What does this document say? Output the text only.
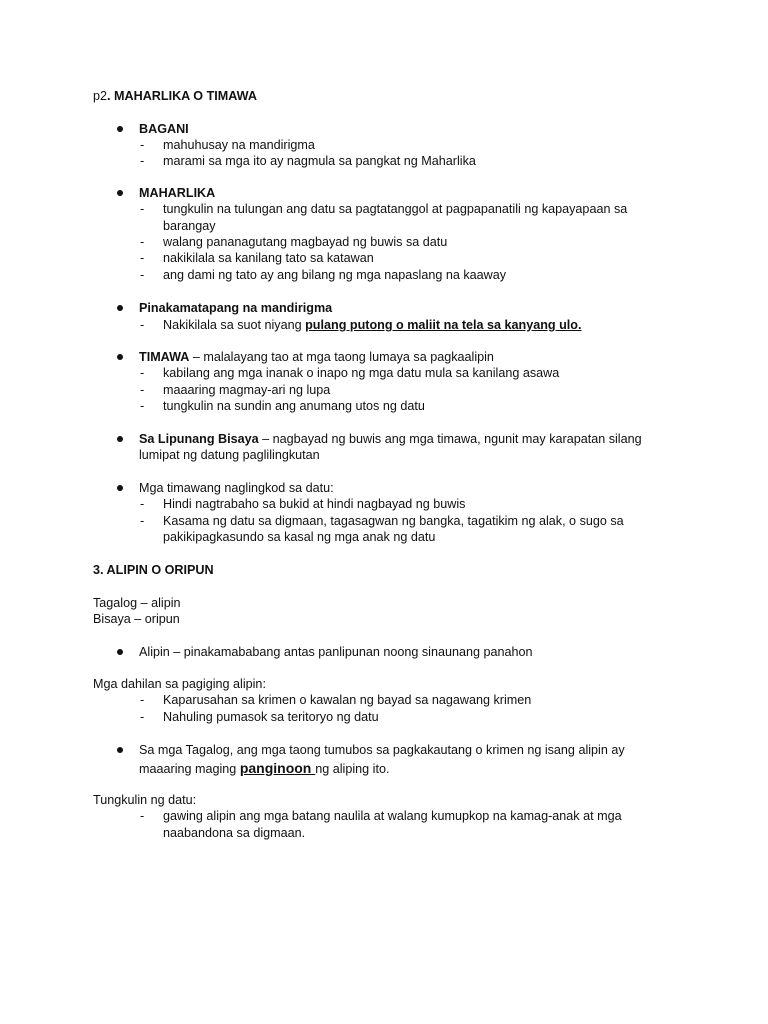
p2. MAHARLIKA O TIMAWA
BAGANI
- mahuhusay na mandirigma
- marami sa mga ito ay nagmula sa pangkat ng Maharlika
MAHARLIKA
- tungkulin na tulungan ang datu sa pagtatanggol at pagpapanatili ng kapayapaan sa
barangay
- walang pananagutang magbayad ng buwis sa datu
- nakikilala sa kanilang tato sa katawan
- ang dami ng tato ay ang bilang ng mga napaslang na kaaway
Pinakamatapang na mandirigma
- Nakikilala sa suot niyang pulang putong o maliit na tela sa kanyang ulo.
TIMAWA – malalayang tao at mga taong lumaya sa pagkaalipin
- kabilang ang mga inanak o inapo ng mga datu mula sa kanilang asawa
- maaaring magmay-ari ng lupa
- tungkulin na sundin ang anumang utos ng datu
Sa Lipunang Bisaya – nagbayad ng buwis ang mga timawa, ngunit may karapatan silang
lumipat ng datung paglilingkutan
Mga timawang naglingkod sa datu:
- Hindi nagtrabaho sa bukid at hindi nagbayad ng buwis
- Kasama ng datu sa digmaan, tagasagwan ng bangka, tagatikim ng alak, o sugo sa
pakikipagkasundo sa kasal ng mga anak ng datu
3. ALIPIN O ORIPUN
Tagalog – alipin
Bisaya – oripun
Alipin – pinakamababang antas panlipunan noong sinaunang panahon
Mga dahilan sa pagiging alipin:
- Kaparusahan sa krimen o kawalan ng bayad sa nagawang krimen
- Nahuling pumasok sa teritoryo ng datu
Sa mga Tagalog, ang mga taong tumubos sa pagkakautang o krimen ng isang alipin ay
maaaring maging panginoon ng aliping ito.
Tungkulin ng datu:
- gawing alipin ang mga batang naulila at walang kumupkop na kamag-anak at mga
naabandona sa digmaan.
